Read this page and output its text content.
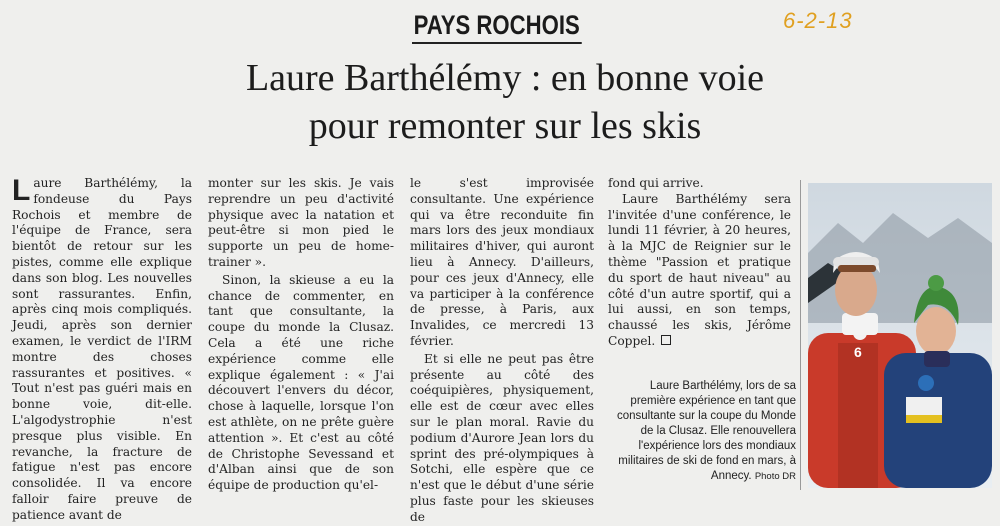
6-2-13
PAYS ROCHOIS
Laure Barthélémy : en bonne voie
pour remonter sur les skis

Laure Barthélémy, la fondeuse du Pays Rochois et membre de l'équipe de France, sera bientôt de retour sur les pistes, comme elle explique dans son blog. Les nouvelles sont rassurantes. Enfin, après cinq mois compliqués. Jeudi, après son dernier examen, le verdict de l'IRM montre des choses rassurantes et positives. « Tout n'est pas guéri mais en bonne voie, dit-elle. L'algodystrophie n'est presque plus visible. En revanche, la fracture de fatigue n'est pas encore consolidée. Il va encore falloir faire preuve de patience avant de

monter sur les skis. Je vais reprendre un peu d'activité physique avec la natation et peut-être si mon pied le supporte un peu de home-trainer ».

Sinon, la skieuse a eu la chance de commenter, en tant que consultante, la coupe du monde la Clusaz. Cela a été une riche expérience comme elle explique également : « J'ai découvert l'envers du décor, chose à laquelle, lorsque l'on est athlète, on ne prête guère attention ». Et c'est au côté de Christophe Sevessand et d'Alban ainsi que de son équipe de production qu'el-

le s'est improvisée consultante. Une expérience qui va être reconduite fin mars lors des jeux mondiaux militaires d'hiver, qui auront lieu à Annecy. D'ailleurs, pour ces jeux d'Annecy, elle va participer à la conférence de presse, à Paris, aux Invalides, ce mercredi 13 février.

Et si elle ne peut pas être présente au côté des coéquipières, physiquement, elle est de cœur avec elles sur le plan moral. Ravie du podium d'Aurore Jean lors du sprint des pré-olympiques à Sotchi, elle espère que ce n'est que le début d'une série plus faste pour les skieuses de

fond qui arrive.

Laure Barthélémy sera l'invitée d'une conférence, le lundi 11 février, à 20 heures, à la MJC de Reignier sur le thème "Passion et pratique du sport de haut niveau" au côté d'un autre sportif, qui a lui aussi, en son temps, chaussé les skis, Jérôme Coppel.

Laure Barthélémy, lors de sa première expérience en tant que consultante sur la coupe du Monde de la Clusaz. Elle renouvellera l'expérience lors des mondiaux militaires de ski de fond en mars, à Annecy. Photo DR
6
